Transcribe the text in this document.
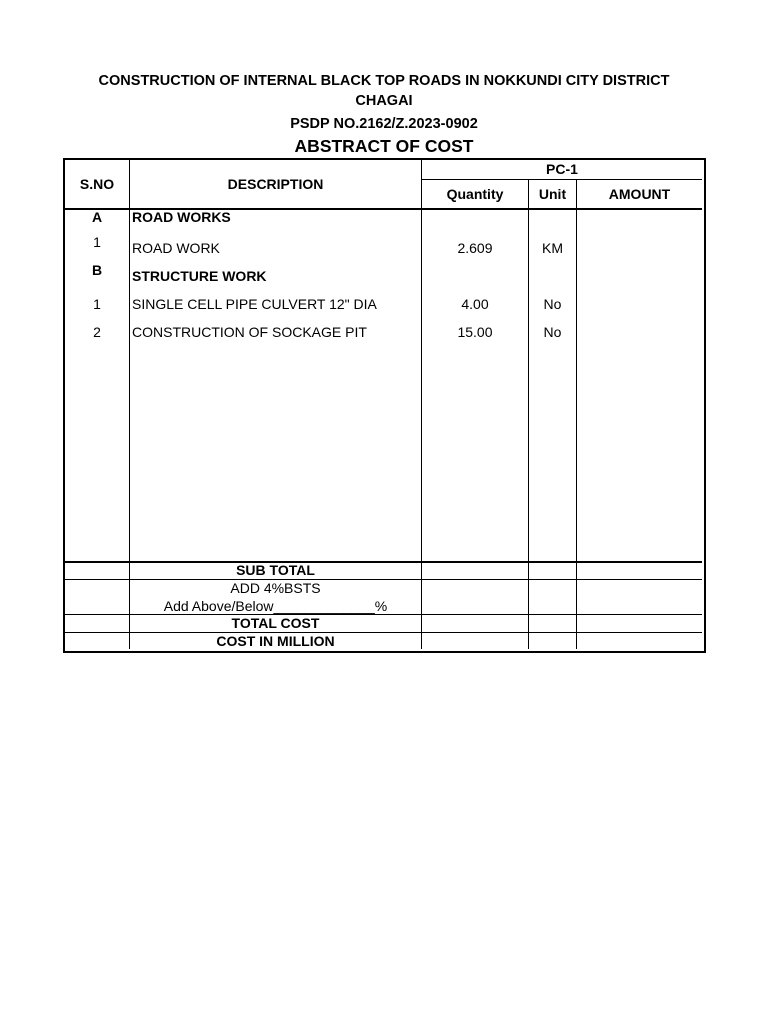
CONSTRUCTION OF INTERNAL BLACK TOP ROADS IN NOKKUNDI CITY DISTRICT
CHAGAI
PSDP NO.2162/Z.2023-0902
ABSTRACT OF COST
S.NO	DESCRIPTION
PC-1
Quantity	Unit	AMOUNT
A	ROAD WORKS
1	ROAD WORK	2.609	KM
B	STRUCTURE WORK
1	SINGLE CELL PIPE CULVERT 12" DIA	4.00	No
2	CONSTRUCTION OF SOCKAGE PIT	15.00	No
SUB TOTAL
ADD 4%BSTS
Add Above/Below_____________%
TOTAL COST
COST IN MILLION
